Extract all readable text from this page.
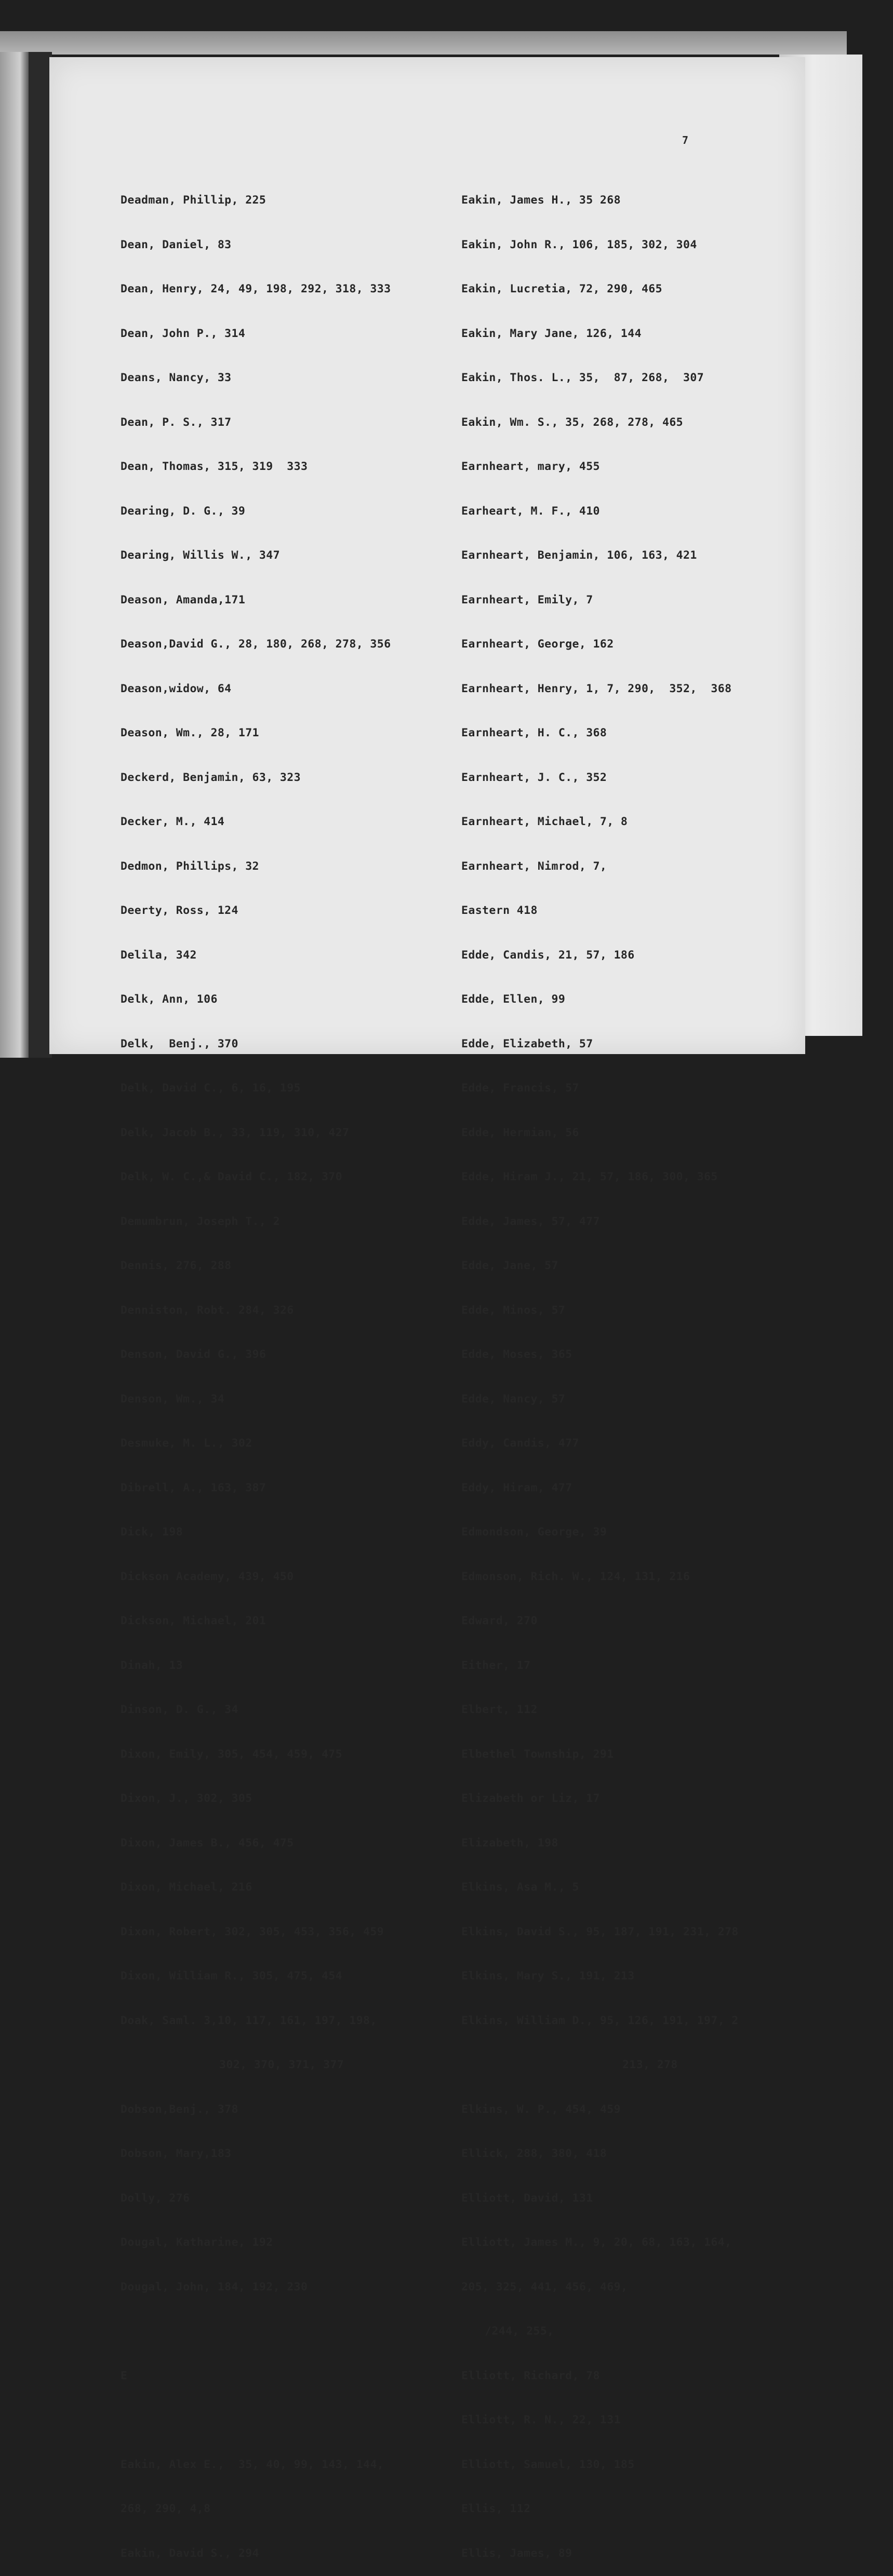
7

Deadman, Phillip, 225

Dean, Daniel, 83

Dean, Henry, 24, 49, 198, 292, 318, 333

Dean, John P., 314

Deans, Nancy, 33

Dean, P. S., 317

Dean, Thomas, 315, 319  333

Dearing, D. G., 39

Dearing, Willis W., 347

Deason, Amanda,171

Deason,David G., 28, 180, 268, 278, 356

Deason,widow, 64

Deason, Wm., 28, 171

Deckerd, Benjamin, 63, 323

Decker, M., 414

Dedmon, Phillips, 32

Deerty, Ross, 124

Delila, 342

Delk, Ann, 106

Delk,  Benj., 370

Delk, David C., 6, 16, 195

Delk, Jacob B., 33, 119, 310, 427

Delk, W. C.,& David C., 182, 370

Demumbrun, Joseph T., 2

Dennis, 276, 288

Denniston, Robt. 284, 326

Denson, David G., 396

Denson, Wm., 34

Desmuke, M. L., 302

Dibrell, A., 163, 387

Dick, 198

Dickson Academy, 439, 450

Dickson, Michael, 201

Dinah, 13

Dinson, D. G., 34

Dixon, Emily, 305, 454, 459, 475

Dixon, J., 302, 305

Dixon, James B., 456, 475

Dixon, Michael, 216

Dixon, Robert, 302, 305, 453, 356, 459

Dixon, William R., 305, 475, 454

Doak, Saml. 3,10, 117, 161, 197, 198,

302, 370, 371, 377

Dobson,Benj., 378

Dobson, Mary,183

Dolly, 276

Dougal, Katharine, 192

Dougal, John, 184, 192, 230

E

Eakin, Alex E.,  35, 40, 99, 143, 144,

268, 290, 4,8

Eakin, David S., 294

Eakin, James H., 35 268

Eakin, John R., 106, 185, 302, 304

Eakin, Lucretia, 72, 290, 465

Eakin, Mary Jane, 126, 144

Eakin, Thos. L., 35,  87, 268,  307

Eakin, Wm. S., 35, 268, 278, 465

Earnheart, mary, 455

Earheart, M. F., 410

Earnheart, Benjamin, 106, 163, 421

Earnheart, Emily, 7

Earnheart, George, 162

Earnheart, Henry, 1, 7, 290,  352,  368

Earnheart, H. C., 368

Earnheart, J. C., 352

Earnheart, Michael, 7, 8

Earnheart, Nimrod, 7,

Eastern 418

Edde, Candis, 21, 57, 186

Edde, Ellen, 99

Edde, Elizabeth, 57

Edde, Francis, 57

Edde, Hermian, 56

Edde, Hiram J., 21, 57, 186, 300, 365

Edde, James, 57, 477

Edde, Jane, 57

Edde, Minos, 57

Edde, Moses, 365

Edde, Nancy, 57

Eddy, Candis, 477

Eddy, Hiram, 477

Edmondson, George, 39

Edmonson, Rich. W., 124, 131, 216

Edward, 270

Either, 17

Elbert, 112

Elbethel Township, 291

Elizabeth or Liz, 17

Elizabeth, 198

Elkins, Asa M., 5

Elkins, David S., 95, 187, 191, 231, 278

Elkins, Mary S., 191, 213

Elkins, William D., 95, 126, 191, 197, 2

213, 278

Elkins, W. P., 454, 459

Ellick, 288, 380, 418

Elliott, David, 131

Elliott, James M., 9, 20, 68, 163, 164,

205, 325, 441, 456, 469,

/244, 255,

Elliott, Richard, 78

Elliott, R. N., 22, 131

Elliott, Samuel, 130, 185

Ellis, 112

Ellis, James, 89
